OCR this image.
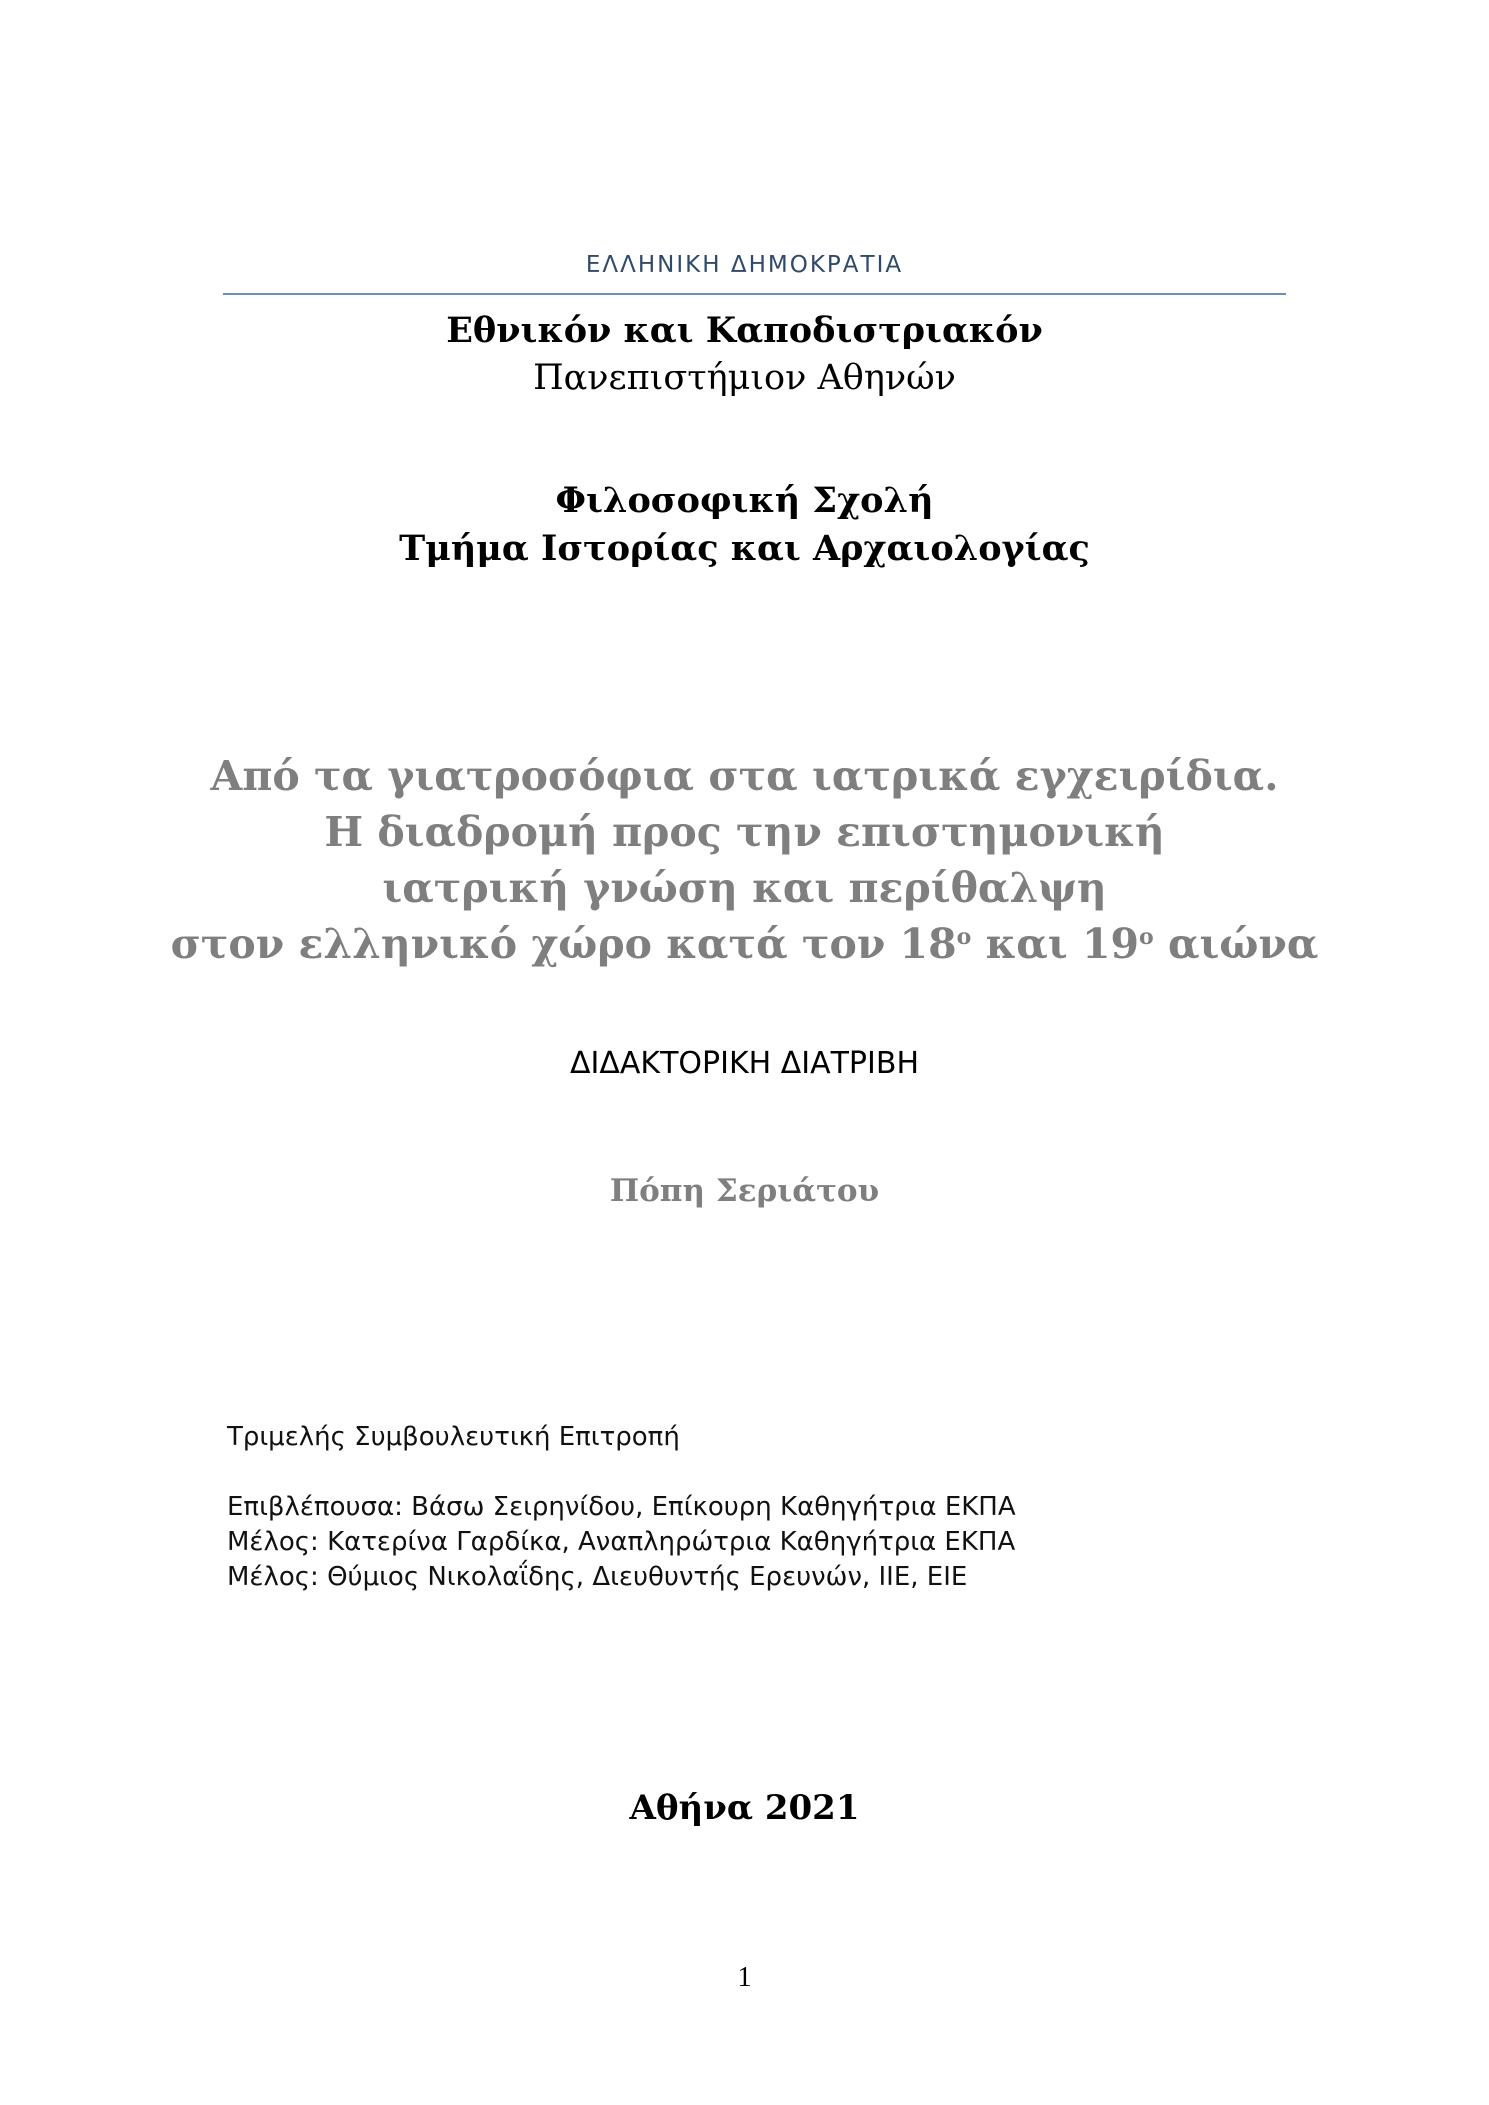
ΕΛΛΗΝΙΚΗ ΔΗΜΟΚΡΑΤΙΑ
Εθνικόν και Καποδιστριακόν
Πανεπιστήμιον Αθηνών
Φιλοσοφική Σχολή
Τμήμα Ιστορίας και Αρχαιολογίας
Από τα γιατροσόφια στα ιατρικά εγχειρίδια.
Η διαδρομή προς την επιστημονική
ιατρική γνώση και περίθαλψη
στον ελληνικό χώρο κατά τον $18^o$ και $19^o$ αιώνα
ΔΙΔΑΚΤΟΡΙΚΗ ΔΙΑΤΡΙΒΗ
Πόπη Σεριάτου
Τριμελής Συμβουλευτική Επιτροπή
Επιβλέπουσα: Βάσω Σειρηνίδου, Επίκουρη Καθηγήτρια ΕΚΠΑ
Μέλος: Κατερίνα Γαρδίκα, Αναπληρώτρια Καθηγήτρια ΕΚΠΑ
Μέλος: Θύμιος Νικολαΐδης, Διευθυντής Ερευνών, ΙΙΕ, ΕΙΕ
Αθήνα 2021
1
